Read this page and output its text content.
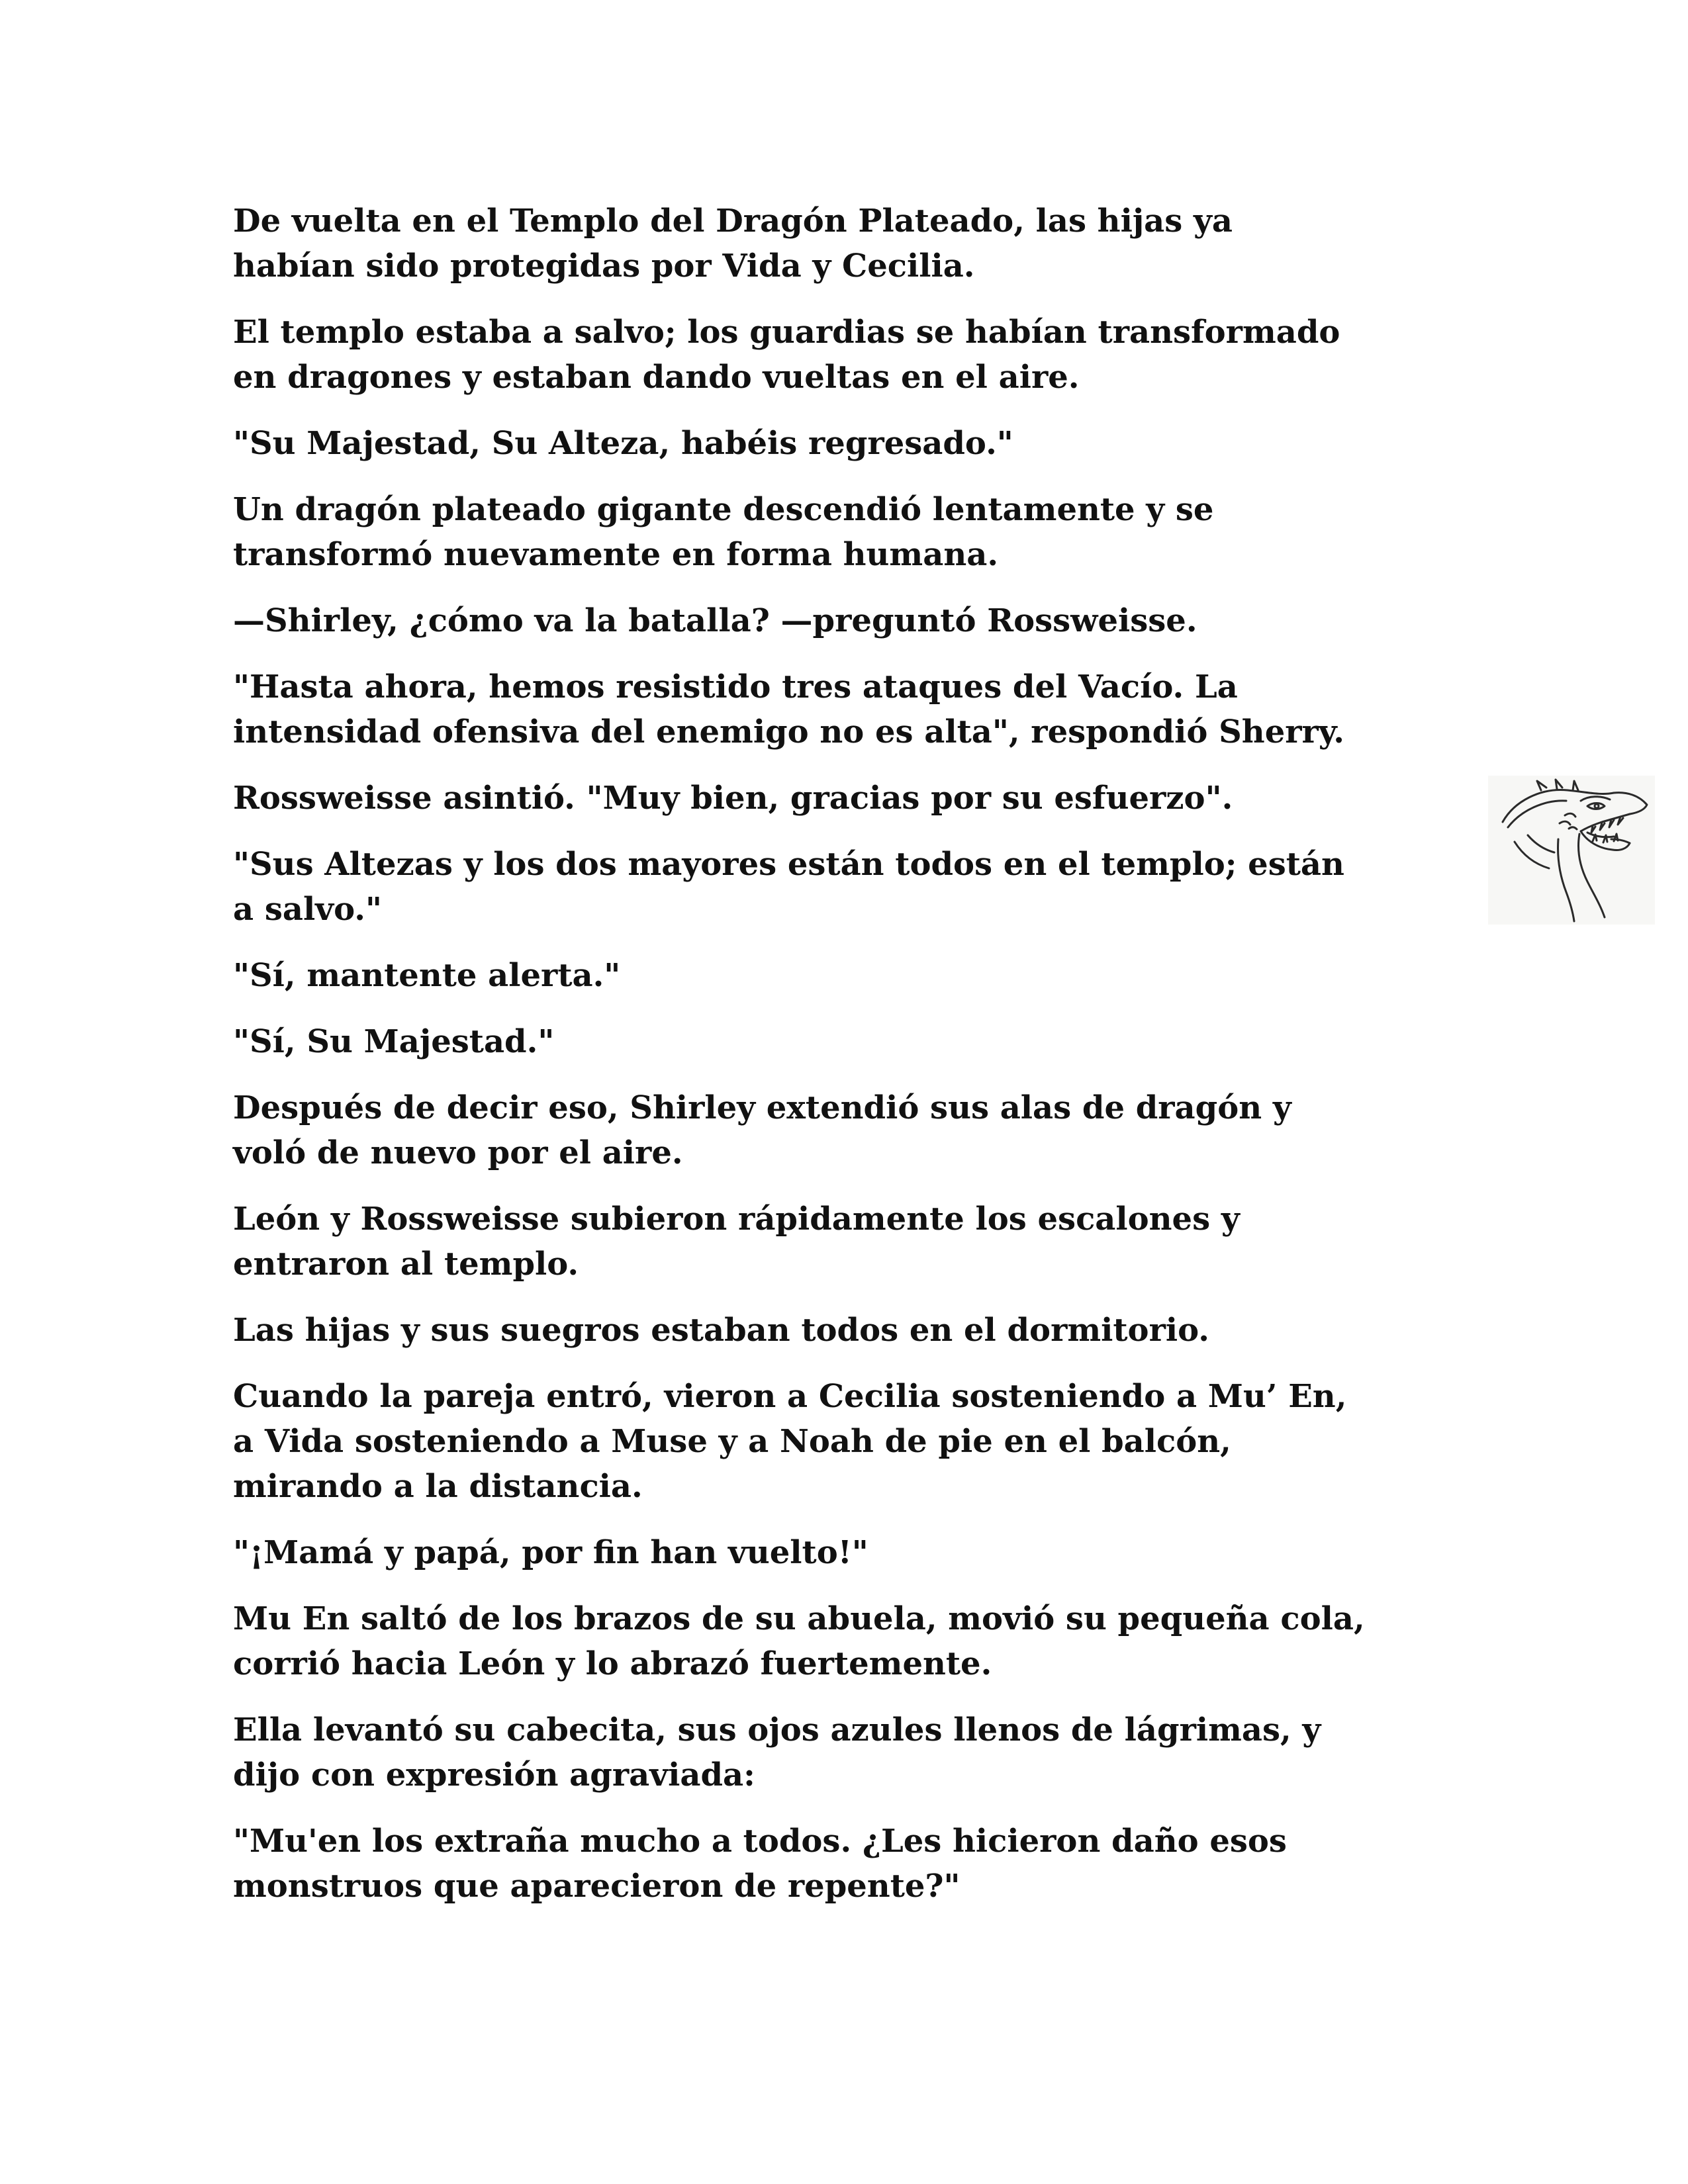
De vuelta en el Templo del Dragón Plateado, las hijas ya
habían sido protegidas por Vida y Cecilia.
El templo estaba a salvo; los guardias se habían transformado
en dragones y estaban dando vueltas en el aire.
"Su Majestad, Su Alteza, habéis regresado."
Un dragón plateado gigante descendió lentamente y se
transformó nuevamente en forma humana.
—Shirley, ¿cómo va la batalla? —preguntó Rossweisse.
"Hasta ahora, hemos resistido tres ataques del Vacío. La
intensidad ofensiva del enemigo no es alta", respondió Sherry.
Rossweisse asintió. "Muy bien, gracias por su esfuerzo".
"Sus Altezas y los dos mayores están todos en el templo; están
a salvo."
"Sí, mantente alerta."
"Sí, Su Majestad."
Después de decir eso, Shirley extendió sus alas de dragón y
voló de nuevo por el aire.
León y Rossweisse subieron rápidamente los escalones y
entraron al templo.
Las hijas y sus suegros estaban todos en el dormitorio.
Cuando la pareja entró, vieron a Cecilia sosteniendo a Mu’ En,
a Vida sosteniendo a Muse y a Noah de pie en el balcón,
mirando a la distancia.
"¡Mamá y papá, por fin han vuelto!"
Mu En saltó de los brazos de su abuela, movió su pequeña cola,
corrió hacia León y lo abrazó fuertemente.
Ella levantó su cabecita, sus ojos azules llenos de lágrimas, y
dijo con expresión agraviada:
"Mu'en los extraña mucho a todos. ¿Les hicieron daño esos
monstruos que aparecieron de repente?"
